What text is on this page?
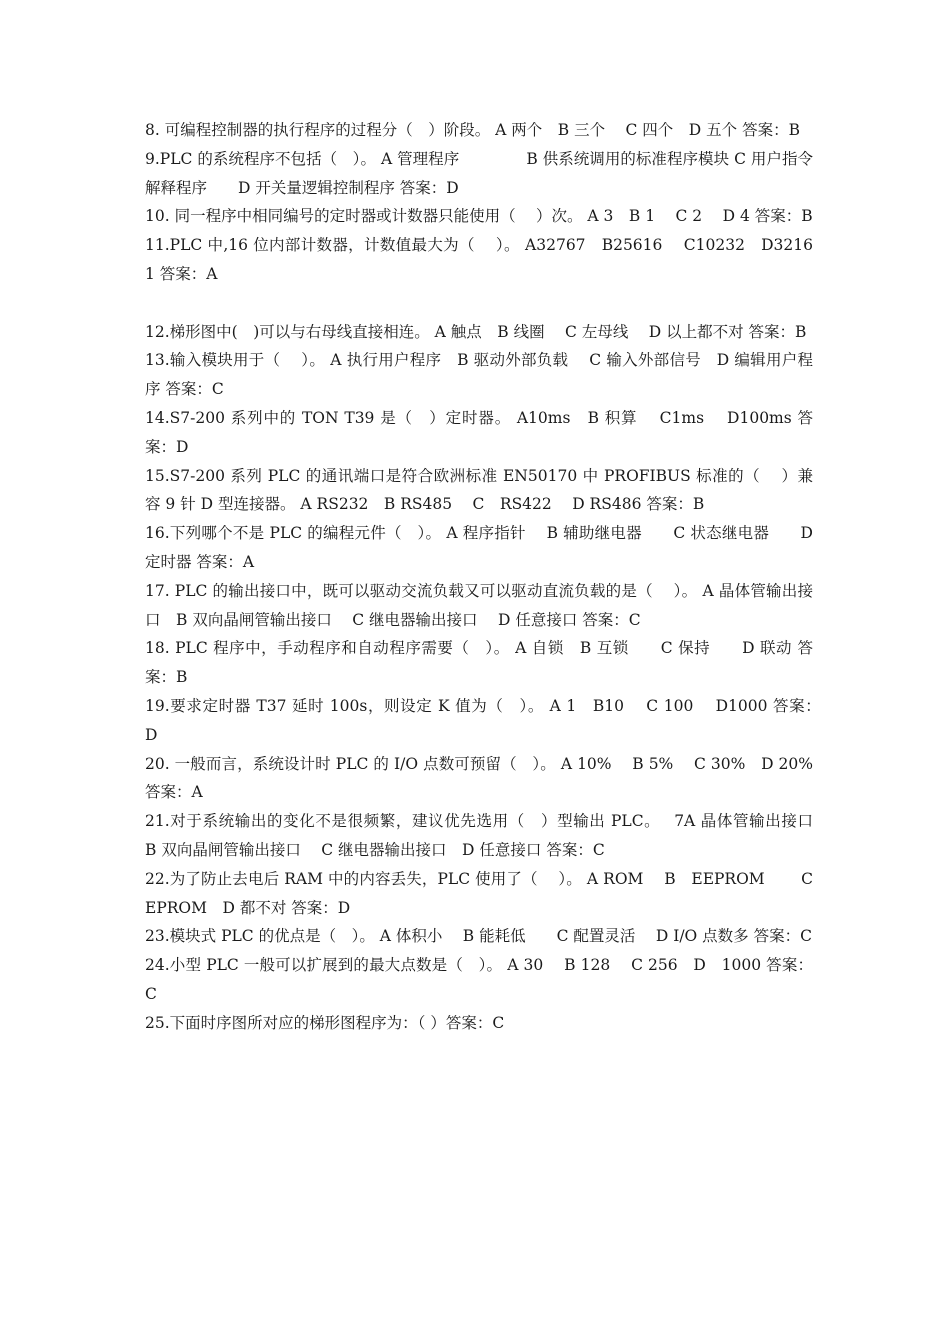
8. 可编程控制器的执行程序的过程分（　）阶段。 A 两个　B 三个　 C 四个　D 五个 答案：B
9.PLC 的系统程序不包括（　）。 A 管理程序　　　　 B 供系统调用的标准程序模块 C 用户指令解释程序　　D 开关量逻辑控制程序 答案：D
10. 同一程序中相同编号的定时器或计数器只能使用（　 ）次。 A 3　B 1　 C 2　 D 4 答案：B
11.PLC 中,16 位内部计数器，计数值最大为（　 ）。 A32767　B25616　 C10232　D32161 答案：A
12.梯形图中(　)可以与右母线直接相连。 A 触点　B 线圈　 C 左母线　 D 以上都不对 答案：B
13.输入模块用于（　 ）。 A 执行用户程序　B 驱动外部负载　 C 输入外部信号　D 编辑用户程序 答案：C
14.S7-200 系列中的 TON T39 是（　）定时器。 A10ms　B 积算　 C1ms　 D100ms 答案：D
15.S7-200 系列 PLC 的通讯端口是符合欧洲标准 EN50170 中 PROFIBUS 标准的（　 ）兼容 9 针 D 型连接器。 A RS232　B RS485　 C　RS422　 D RS486 答案：B
16.下列哪个不是 PLC 的编程元件（　）。 A 程序指针　 B 辅助继电器　　C 状态继电器　　D 定时器 答案：A
17. PLC 的输出接口中，既可以驱动交流负载又可以驱动直流负载的是（　 ）。 A 晶体管输出接口　B 双向晶闸管输出接口　 C 继电器输出接口　 D 任意接口 答案：C
18. PLC 程序中，手动程序和自动程序需要（　）。 A 自锁　B 互锁　　C 保持　　D 联动 答案：B
19.要求定时器 T37 延时 100s，则设定 K 值为（　）。 A 1　B10　 C 100　 D1000 答案：　D
20. 一般而言，系统设计时 PLC 的 I/O 点数可预留（　）。 A 10%　 B 5%　 C 30%　D 20%答案：A
21.对于系统输出的变化不是很频繁，建议优先选用（　）型输出 PLC。　 7A 晶体管输出接口　B 双向晶闸管输出接口　 C 继电器输出接口　D 任意接口 答案：C
22.为了防止去电后 RAM 中的内容丢失，PLC 使用了（　 ）。 A ROM　 B　EEPROM　　 C EPROM　D 都不对 答案：D
23.模块式 PLC 的优点是（　）。 A 体积小　 B 能耗低　　C 配置灵活　 D I/O 点数多 答案：C
24.小型 PLC 一般可以扩展到的最大点数是（　）。 A 30　 B 128　 C 256　D　1000 答案：C
25.下面时序图所对应的梯形图程序为：（ ）答案：C
